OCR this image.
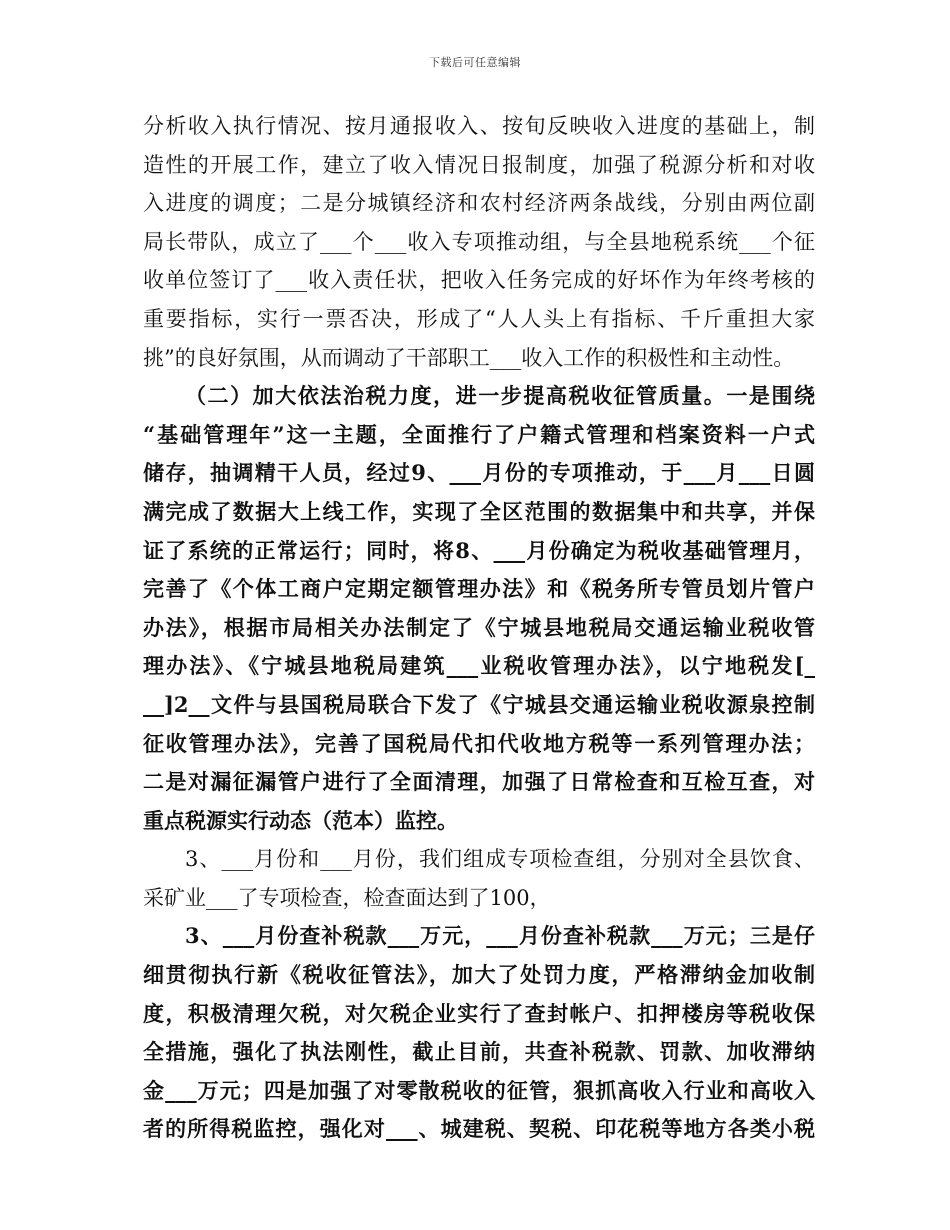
下载后可任意编辑
分析收入执行情况、按月通报收入、按旬反映收入进度的基础上，制
造性的开展工作，建立了收入情况日报制度，加强了税源分析和对收
入进度的调度；二是分城镇经济和农村经济两条战线，分别由两位副
局长带队，成立了___个___收入专项推动组，与全县地税系统___个征
收单位签订了___收入责任状，把收入任务完成的好坏作为年终考核的
重要指标，实行一票否决，形成了“人人头上有指标、千斤重担大家
挑”的良好氛围，从而调动了干部职工___收入工作的积极性和主动性。
（二）加大依法治税力度，进一步提高税收征管质量。一是围绕
“基础管理年”这一主题，全面推行了户籍式管理和档案资料一户式
储存，抽调精干人员，经过9、___月份的专项推动，于___月___日圆
满完成了数据大上线工作，实现了全区范围的数据集中和共享，并保
证了系统的正常运行；同时，将8、___月份确定为税收基础管理月，
完善了《个体工商户定期定额管理办法》和《税务所专管员划片管户
办法》，根据市局相关办法制定了《宁城县地税局交通运输业税收管
理办法》、《宁城县地税局建筑___业税收管理办法》，以宁地税发[_
__]2__文件与县国税局联合下发了《宁城县交通运输业税收源泉控制
征收管理办法》，完善了国税局代扣代收地方税等一系列管理办法；
二是对漏征漏管户进行了全面清理，加强了日常检查和互检互查，对
重点税源实行动态（范本）监控。
3、___月份和___月份，我们组成专项检查组，分别对全县饮食、
采矿业___了专项检查，检查面达到了100，
3、___月份查补税款___万元，___月份查补税款___万元；三是仔
细贯彻执行新《税收征管法》，加大了处罚力度，严格滞纳金加收制
度，积极清理欠税，对欠税企业实行了查封帐户、扣押楼房等税收保
全措施，强化了执法刚性，截止目前，共查补税款、罚款、加收滞纳
金___万元；四是加强了对零散税收的征管，狠抓高收入行业和高收入
者的所得税监控，强化对___、城建税、契税、印花税等地方各类小税
